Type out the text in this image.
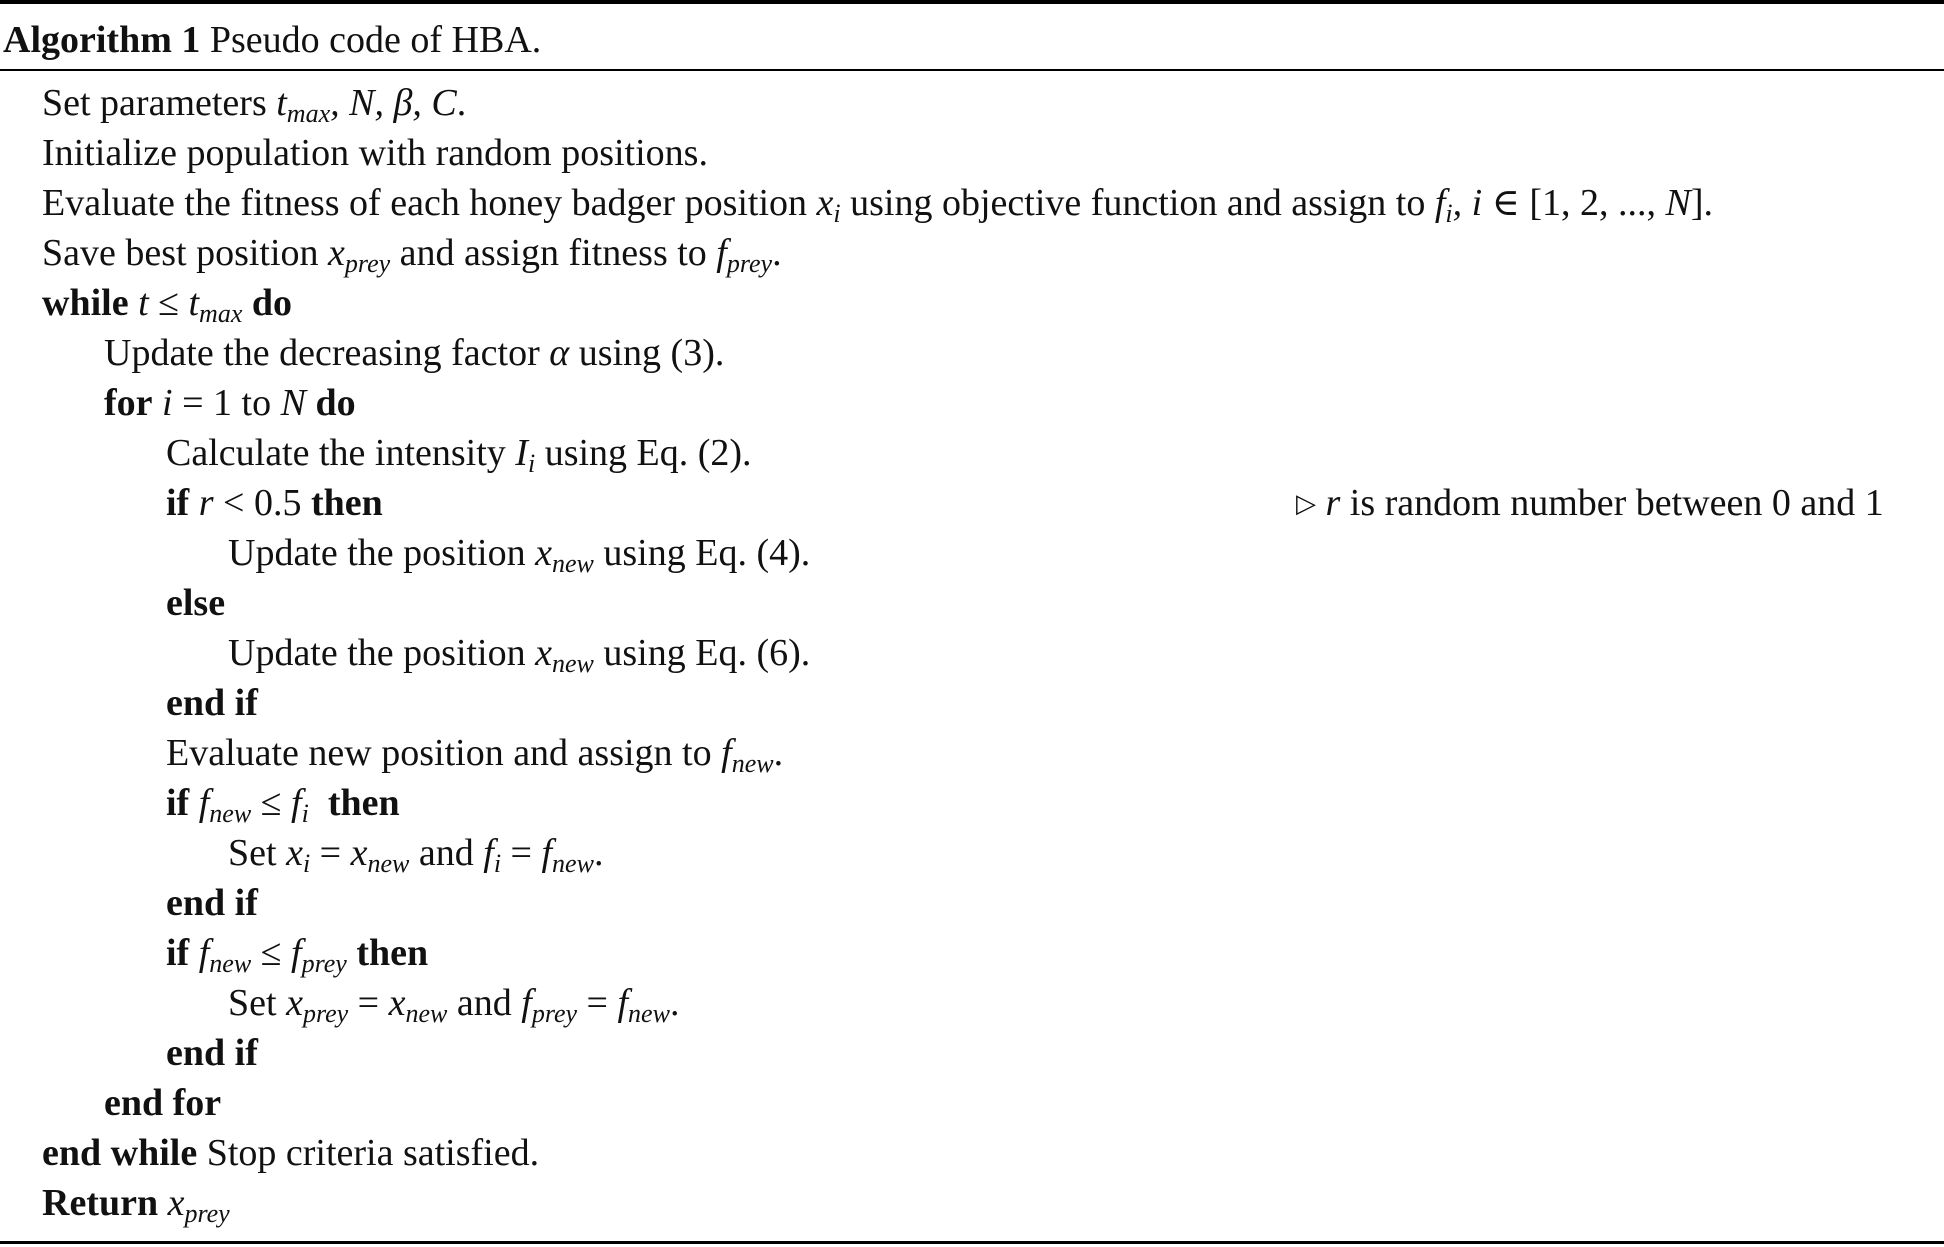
Algorithm 1 Pseudo code of HBA.
Set parameters $t_{max}$, N, β, C.
Initialize population with random positions.
Evaluate the fitness of each honey badger position $x_i$ using objective function and assign to $f_i$, i ∈ [1, 2, ..., N].
Save best position $x_{prey}$ and assign fitness to $f_{prey}$.
while $t \le t_{max}$ do
Update the decreasing factor α using (3).
for i = 1 to N do
Calculate the intensity $I_i$ using Eq. (2).
if r < 0.5 then	▷ r is random number between 0 and 1
Update the position $x_{new}$ using Eq. (4).
else
Update the position $x_{new}$ using Eq. (6).
end if
Evaluate new position and assign to $f_{new}$.
if $f_{new} \le f_i$ then
Set $x_i = x_{new}$ and $f_i = f_{new}$.
end if
if $f_{new} \le f_{prey}$ then
Set $x_{prey} = x_{new}$ and $f_{prey} = f_{new}$.
end if
end for
end while Stop criteria satisfied.
Return $x_{prey}$
